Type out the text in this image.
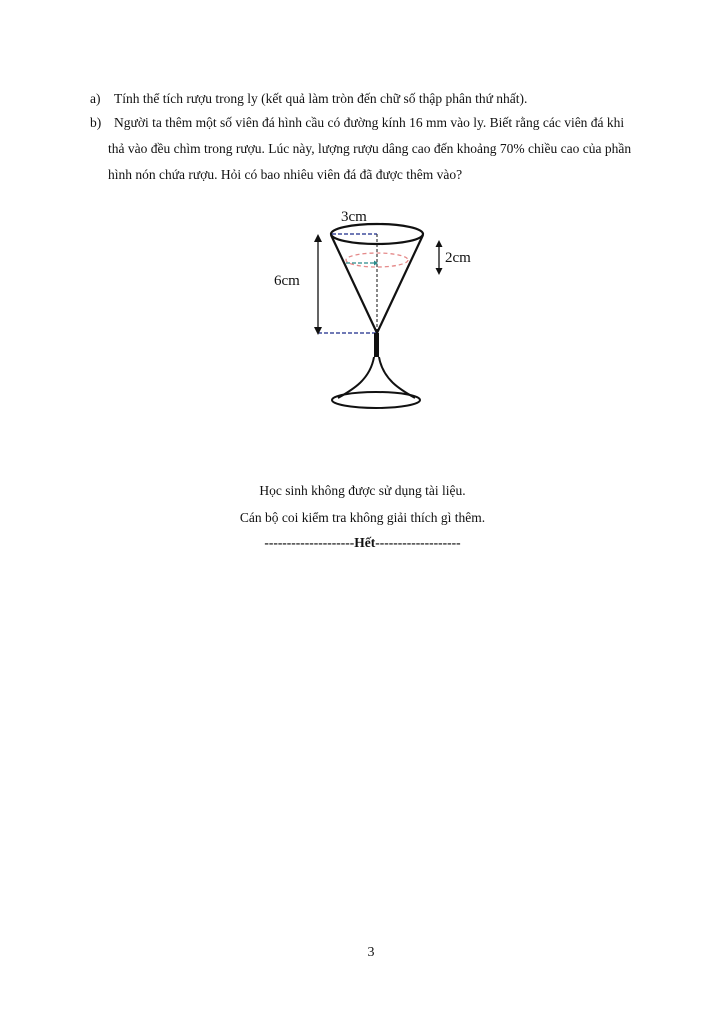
a)	Tính thể tích rượu trong ly (kết quả làm tròn đến chữ số thập phân thứ nhất).
b) Người ta thêm một số viên đá hình cầu có đường kính 16 mm vào ly. Biết rằng các viên đá khi
thả vào đều chìm trong rượu. Lúc này, lượng rượu dâng cao đến khoảng 70% chiều cao của phần
hình nón chứa rượu. Hỏi có bao nhiêu viên đá đã được thêm vào?
3cm
6cm
2cm
Học sinh không được sử dụng tài liệu.
Cán bộ coi kiểm tra không giải thích gì thêm.
--------------------Hết-------------------
3
